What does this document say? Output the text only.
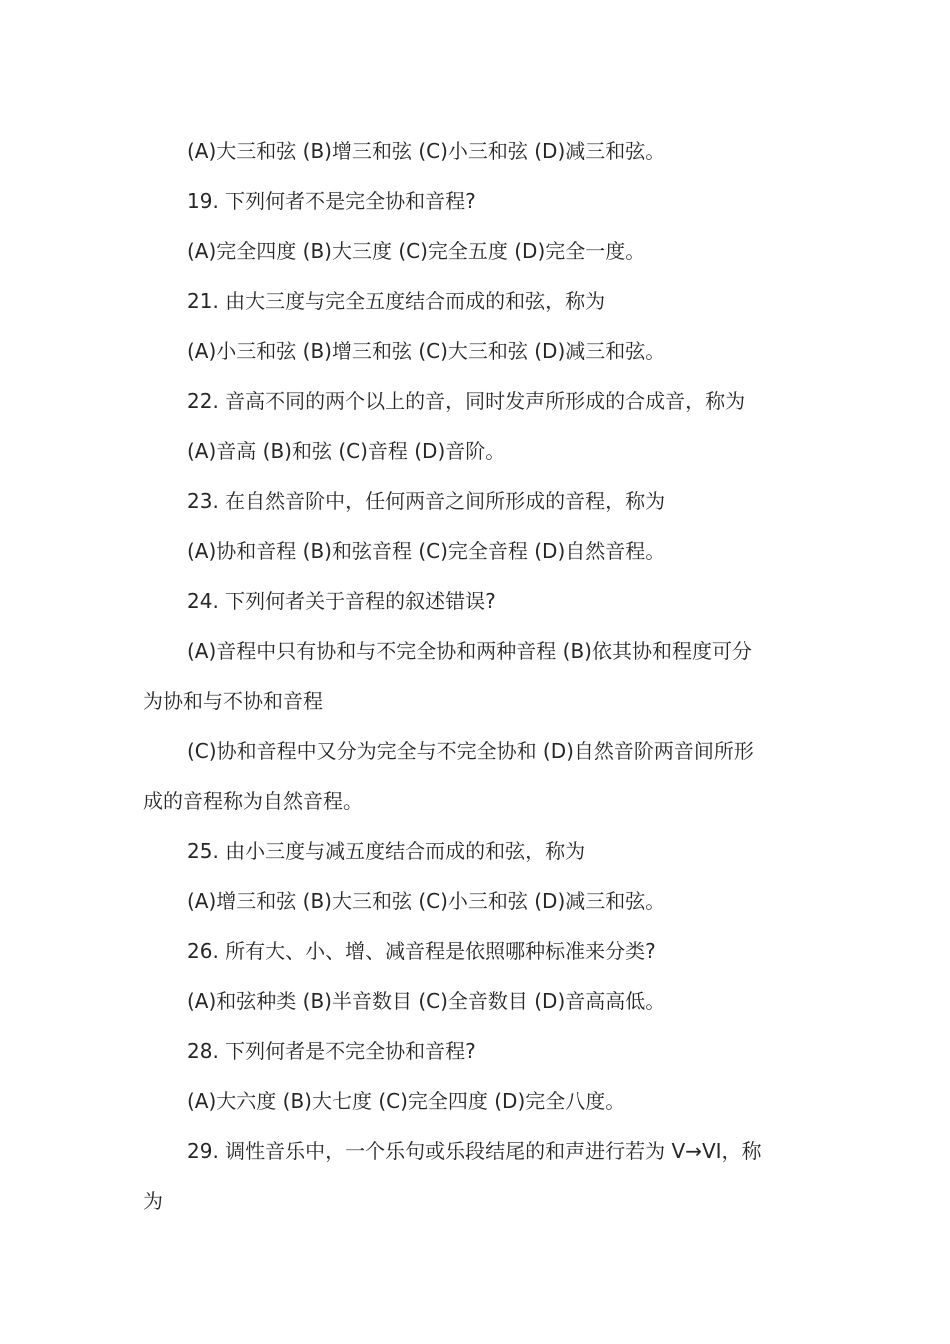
(A)大三和弦 (B)增三和弦 (C)小三和弦 (D)减三和弦。
19. 下列何者不是完全协和音程?
(A)完全四度 (B)大三度 (C)完全五度 (D)完全一度。
21. 由大三度与完全五度结合而成的和弦，称为
(A)小三和弦 (B)增三和弦 (C)大三和弦 (D)减三和弦。
22. 音高不同的两个以上的音，同时发声所形成的合成音，称为
(A)音高 (B)和弦 (C)音程 (D)音阶。
23. 在自然音阶中，任何两音之间所形成的音程，称为
(A)协和音程 (B)和弦音程 (C)完全音程 (D)自然音程。
24. 下列何者关于音程的叙述错误?
(A)音程中只有协和与不完全协和两种音程 (B)依其协和程度可分
为协和与不协和音程
(C)协和音程中又分为完全与不完全协和 (D)自然音阶两音间所形
成的音程称为自然音程。
25. 由小三度与减五度结合而成的和弦，称为
(A)增三和弦 (B)大三和弦 (C)小三和弦 (D)减三和弦。
26. 所有大、小、增、减音程是依照哪种标准来分类?
(A)和弦种类 (B)半音数目 (C)全音数目 (D)音高高低。
28. 下列何者是不完全协和音程?
(A)大六度 (B)大七度 (C)完全四度 (D)完全八度。
29. 调性音乐中，一个乐句或乐段结尾的和声进行若为 V→VI，称
为
